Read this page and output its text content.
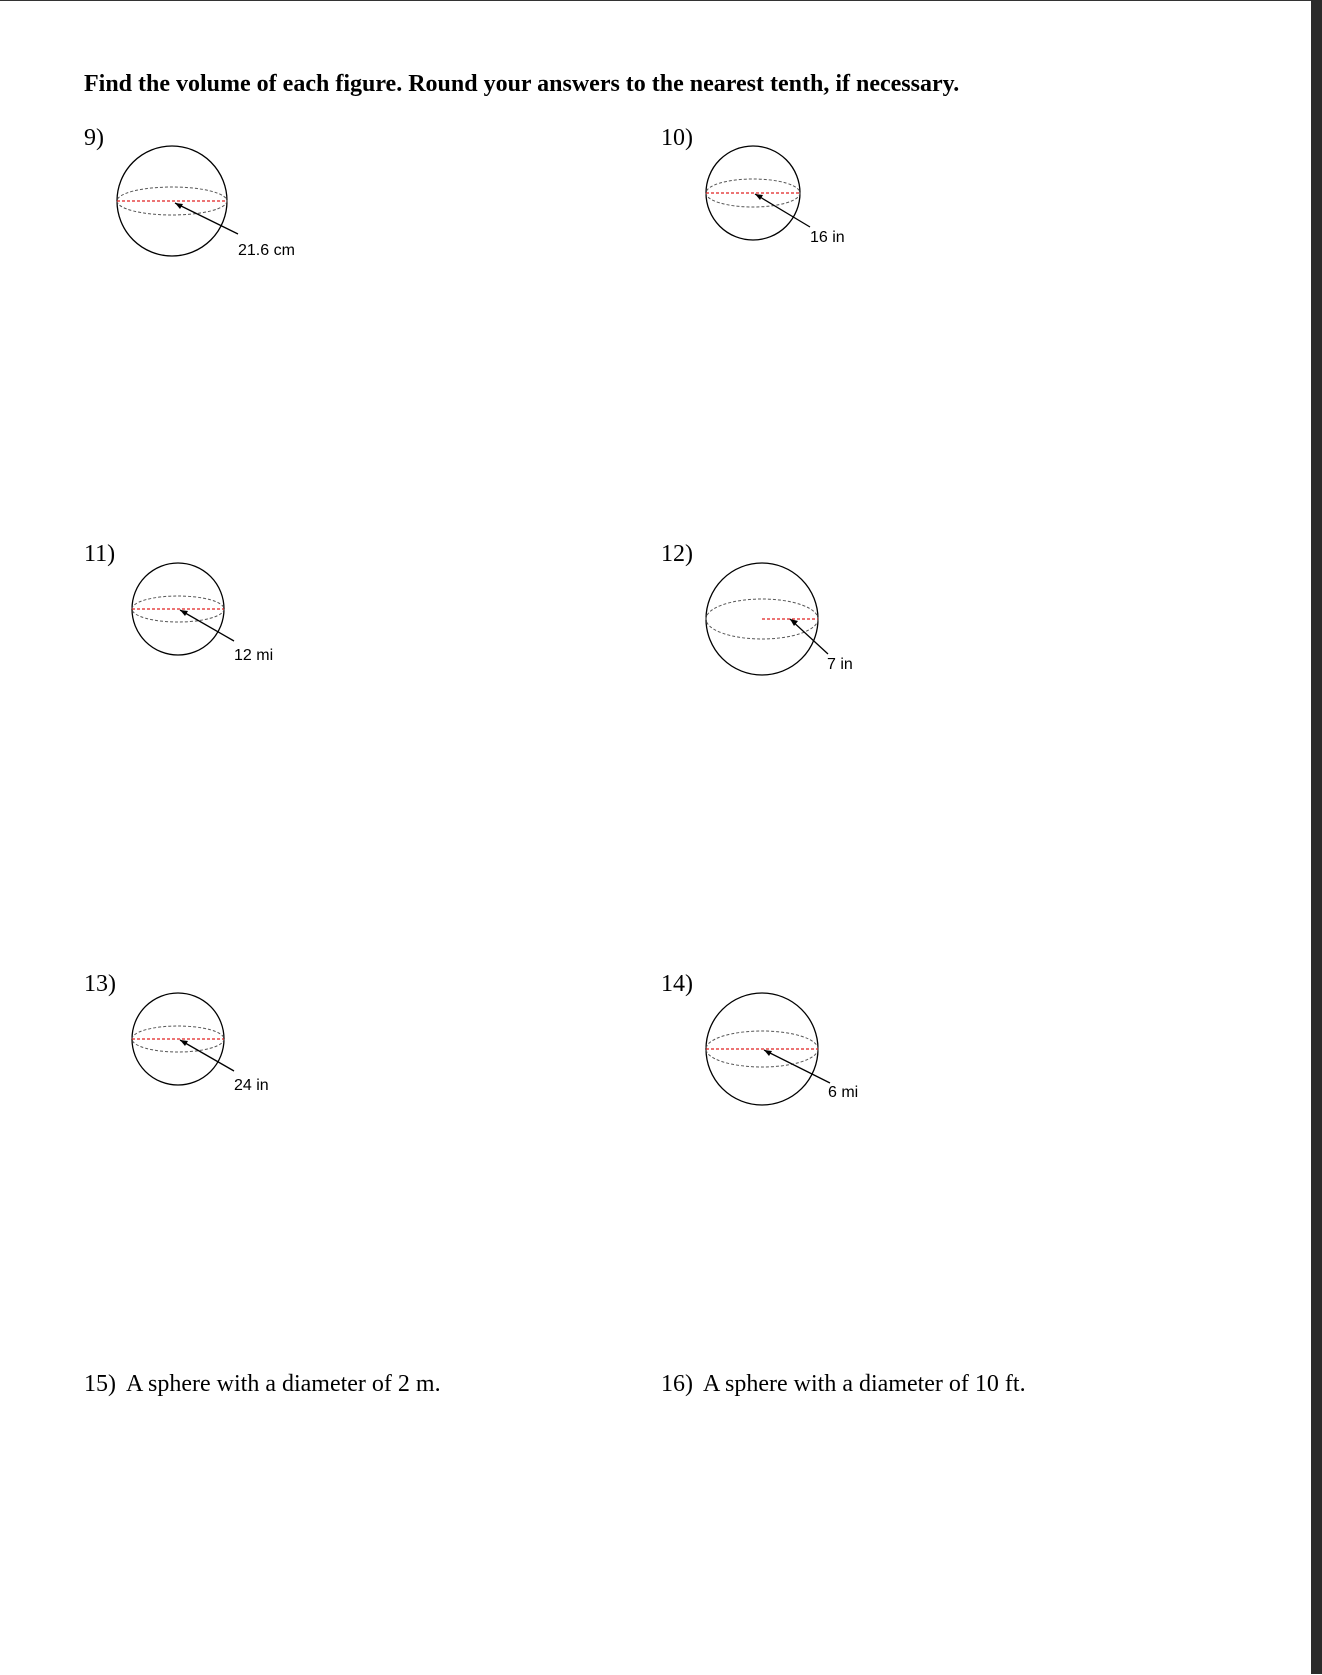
Find the volume of each figure. Round your answers to the nearest tenth, if necessary.
9)
21.6 cm
10)
16 in
11)
12 mi
12)
7 in
13)
24 in
14)
6 mi
15) A sphere with a diameter of 2 m.	16) A sphere with a diameter of 10 ft.
